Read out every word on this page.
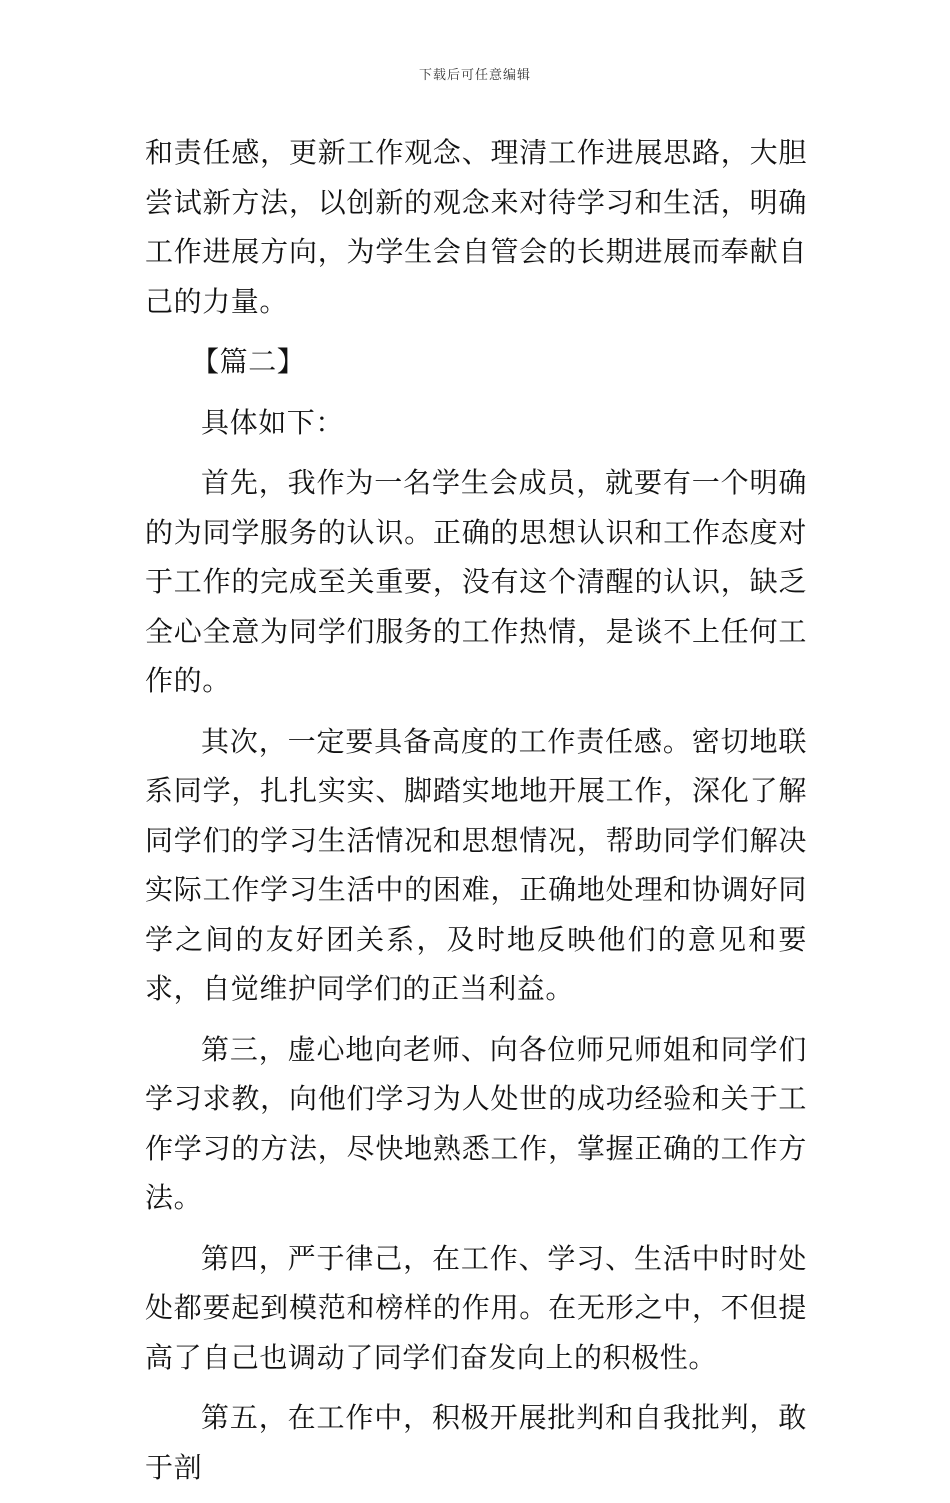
下载后可任意编辑

和责任感，更新工作观念、理清工作进展思路，大胆尝试新方法，以创新的观念来对待学习和生活，明确工作进展方向，为学生会自管会的长期进展而奉献自己的力量。

【篇二】

具体如下：

首先，我作为一名学生会成员，就要有一个明确的为同学服务的认识。正确的思想认识和工作态度对于工作的完成至关重要，没有这个清醒的认识，缺乏全心全意为同学们服务的工作热情，是谈不上任何工作的。

其次，一定要具备高度的工作责任感。密切地联系同学，扎扎实实、脚踏实地地开展工作，深化了解同学们的学习生活情况和思想情况，帮助同学们解决实际工作学习生活中的困难，正确地处理和协调好同学之间的友好团关系，及时地反映他们的意见和要求，自觉维护同学们的正当利益。

第三，虚心地向老师、向各位师兄师姐和同学们学习求教，向他们学习为人处世的成功经验和关于工作学习的方法，尽快地熟悉工作，掌握正确的工作方法。

第四，严于律己，在工作、学习、生活中时时处处都要起到模范和榜样的作用。在无形之中，不但提高了自己也调动了同学们奋发向上的积极性。

第五，在工作中，积极开展批判和自我批判，敢于剖
